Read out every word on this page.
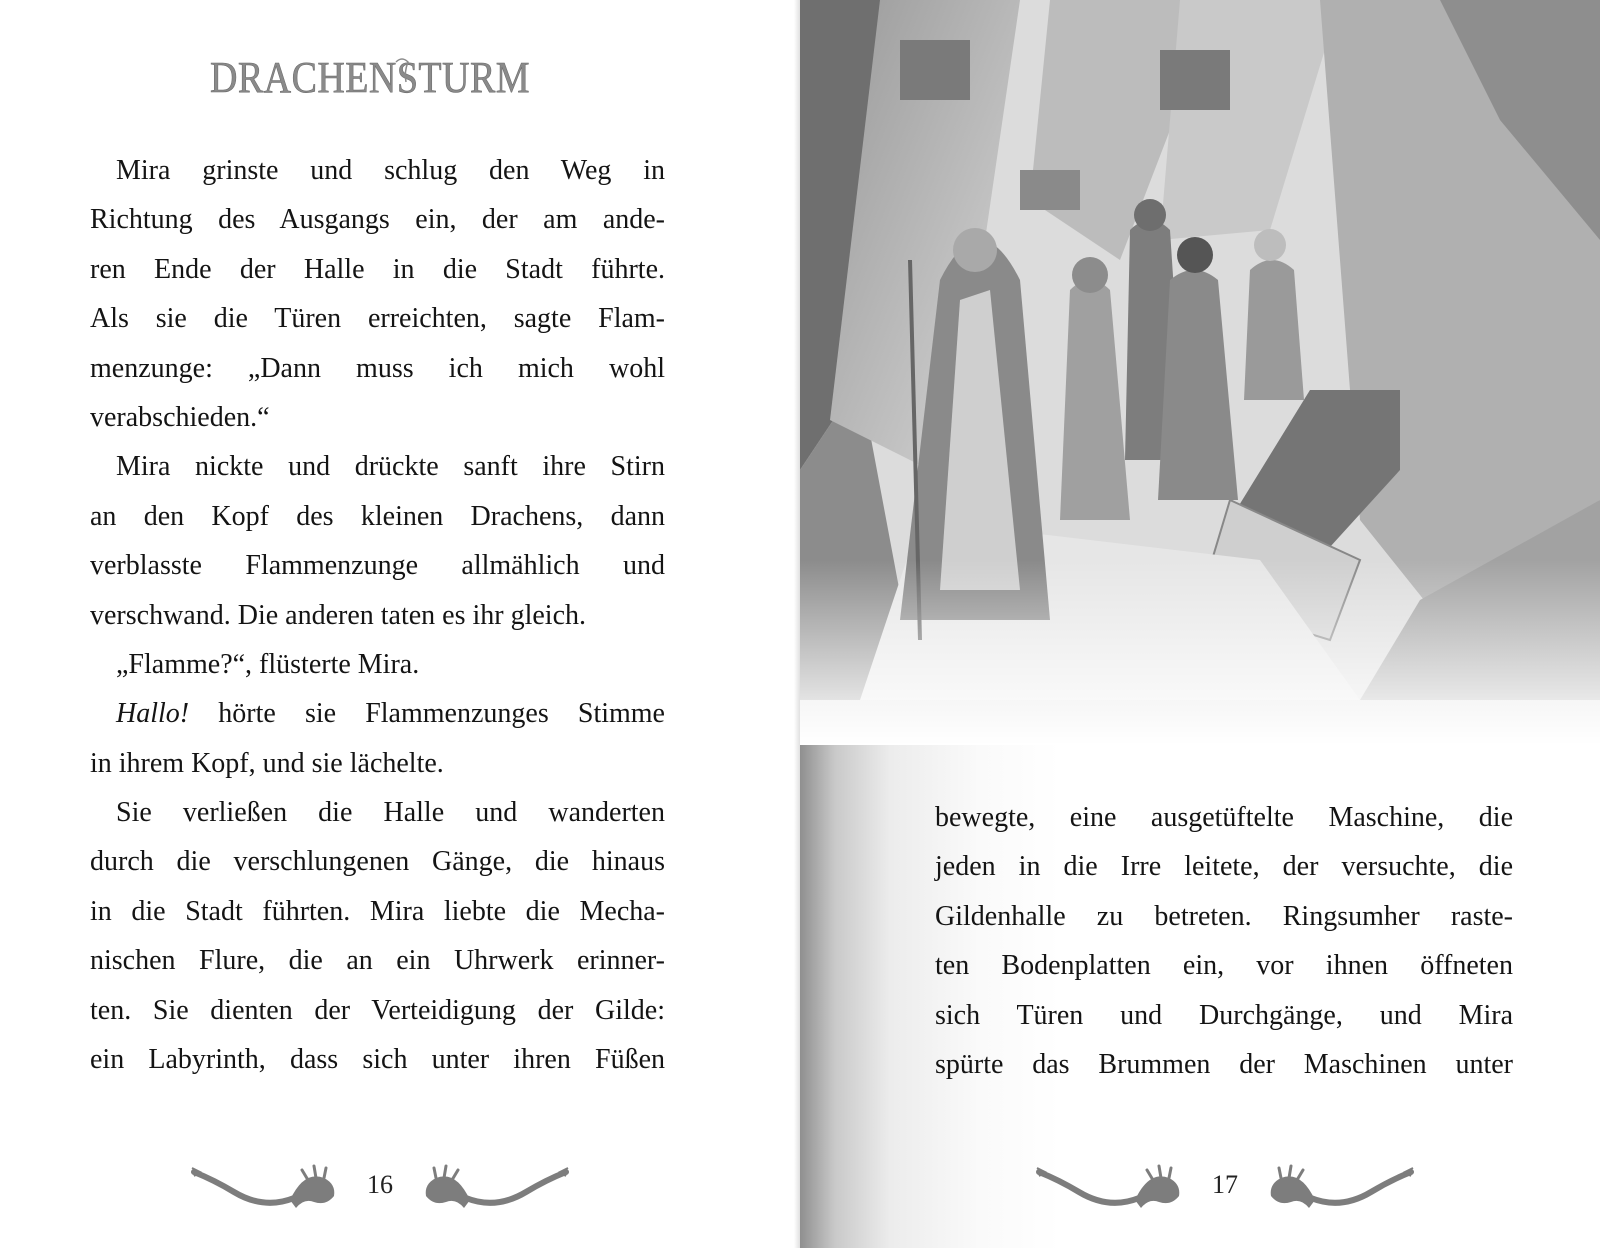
DRACHENSTURM
Mira grinste und schlug den Weg in
Richtung des Ausgangs ein, der am ande-
ren Ende der Halle in die Stadt führte.
Als sie die Türen erreichten, sagte Flam-
menzunge: „Dann muss ich mich wohl
verabschieden.“
Mira nickte und drückte sanft ihre Stirn
an den Kopf des kleinen Drachens, dann
verblasste Flammenzunge allmählich und
verschwand. Die anderen taten es ihr gleich.
„Flamme?“, flüsterte Mira.
Hallo! hörte sie Flammenzunges Stimme
in ihrem Kopf, und sie lächelte.
Sie verließen die Halle und wanderten
durch die verschlungenen Gänge, die hinaus
in die Stadt führten. Mira liebte die Mecha-
nischen Flure, die an ein Uhrwerk erinner-
ten. Sie dienten der Verteidigung der Gilde:
ein Labyrinth, dass sich unter ihren Füßen
16
bewegte, eine ausgetüftelte Maschine, die
jeden in die Irre leitete, der versuchte, die
Gildenhalle zu betreten. Ringsumher raste-
ten Bodenplatten ein, vor ihnen öffneten
sich Türen und Durchgänge, und Mira
spürte das Brummen der Maschinen unter
17
